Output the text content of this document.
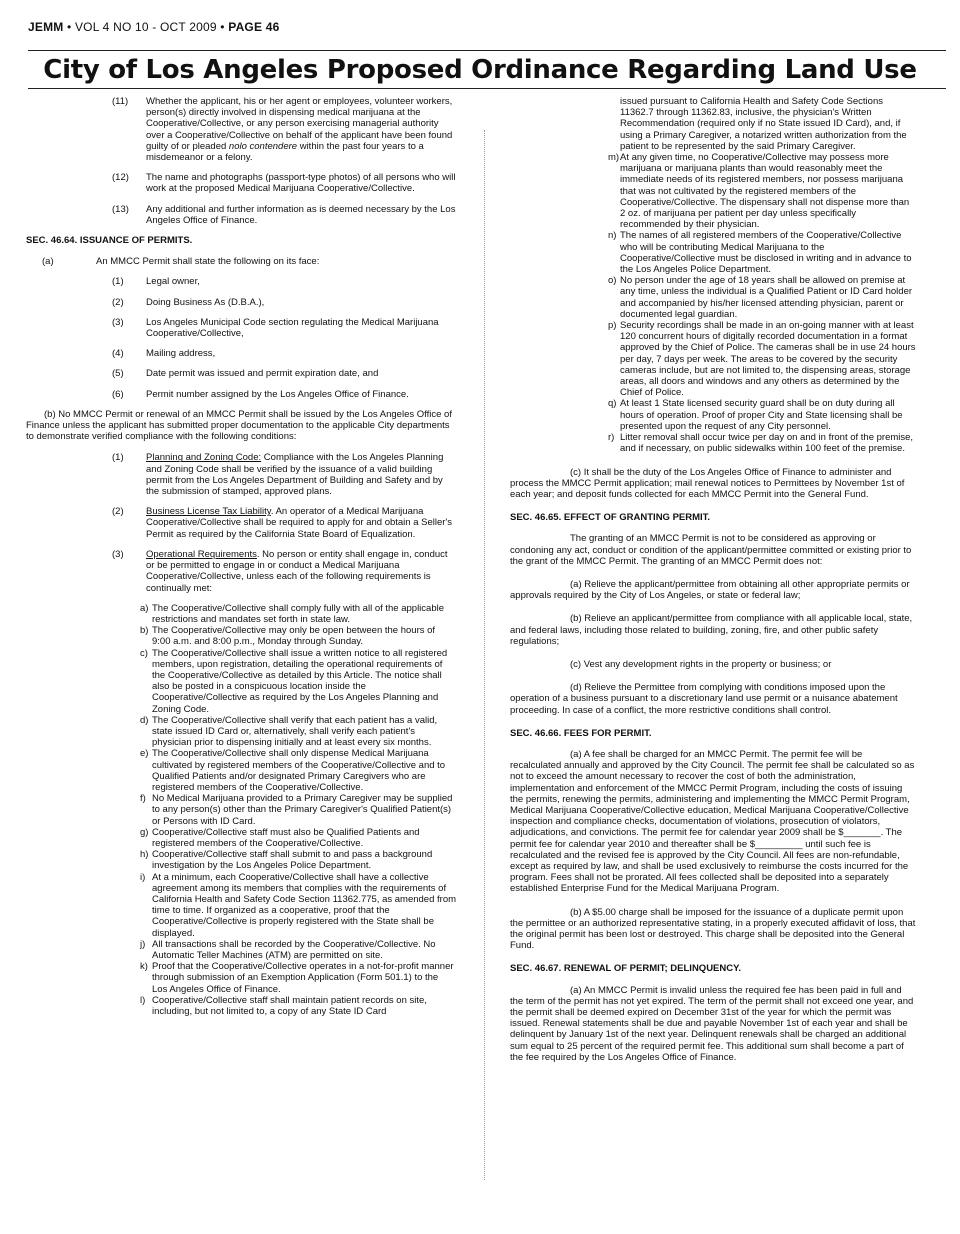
JEMM • VOL 4 NO 10 - OCT 2009 • PAGE 46
City of Los Angeles Proposed Ordinance Regarding Land Use
(11)	Whether the applicant, his or her agent or employees, volunteer workers, person(s) directly involved in dispensing medical marijuana at the Cooperative/Collective, or any person exercising managerial authority over a Cooperative/Collective on behalf of the applicant have been found guilty of or pleaded nolo contendere within the past four years to a misdemeanor or a felony.
(12)	The name and photographs (passport-type photos) of all persons who will work at the proposed Medical Marijuana Cooperative/Collective.
(13)	Any additional and further information as is deemed necessary by the Los Angeles Office of Finance.
SEC. 46.64. ISSUANCE OF PERMITS.
(a)	An MMCC Permit shall state the following on its face:
(1)	Legal owner,
(2)	Doing Business As (D.B.A.),
(3)	Los Angeles Municipal Code section regulating the Medical Marijuana Cooperative/Collective,
(4)	Mailing address,
(5)	Date permit was issued and permit expiration date, and
(6)	Permit number assigned by the Los Angeles Office of Finance.
(b) No MMCC Permit or renewal of an MMCC Permit shall be issued by the Los Angeles Office of Finance unless the applicant has submitted proper documentation to the applicable City departments to demonstrate verified compliance with the following conditions:
(1)	Planning and Zoning Code: Compliance with the Los Angeles Planning and Zoning Code shall be verified by the issuance of a valid building permit from the Los Angeles Department of Building and Safety and by the submission of stamped, approved plans.
(2)	Business License Tax Liability. An operator of a Medical Marijuana Cooperative/Collective shall be required to apply for and obtain a Seller's Permit as required by the California State Board of Equalization.
(3)	Operational Requirements. No person or entity shall engage in, conduct or be permitted to engage in or conduct a Medical Marijuana Cooperative/Collective, unless each of the following requirements is continually met:
a) The Cooperative/Collective shall comply fully with all of the applicable restrictions and mandates set forth in state law.
b) The Cooperative/Collective may only be open between the hours of 9:00 a.m. and 8:00 p.m., Monday through Sunday.
c) The Cooperative/Collective shall issue a written notice to all registered members, upon registration, detailing the operational requirements of the Cooperative/Collective as detailed by this Article. The notice shall also be posted in a conspicuous location inside the Cooperative/Collective as required by the Los Angeles Planning and Zoning Code.
d) The Cooperative/Collective shall verify that each patient has a valid, state issued ID Card or, alternatively, shall verify each patient's physician prior to dispensing initially and at least every six months.
e) The Cooperative/Collective shall only dispense Medical Marijuana cultivated by registered members of the Cooperative/Collective and to Qualified Patients and/or designated Primary Caregivers who are registered members of the Cooperative/Collective.
f) No Medical Marijuana provided to a Primary Caregiver may be supplied to any person(s) other than the Primary Caregiver's Qualified Patient(s) or Persons with ID Card.
g) Cooperative/Collective staff must also be Qualified Patients and registered members of the Cooperative/Collective.
h) Cooperative/Collective staff shall submit to and pass a background investigation by the Los Angeles Police Department.
i) At a minimum, each Cooperative/Collective shall have a collective agreement among its members that complies with the requirements of California Health and Safety Code Section 11362.775, as amended from time to time. If organized as a cooperative, proof that the Cooperative/Collective is properly registered with the State shall be displayed.
j) All transactions shall be recorded by the Cooperative/Collective. No Automatic Teller Machines (ATM) are permitted on site.
k) Proof that the Cooperative/Collective operates in a not-for-profit manner through submission of an Exemption Application (Form 501.1) to the Los Angeles Office of Finance.
l) Cooperative/Collective staff shall maintain patient records on site, including, but not limited to, a copy of any State ID Card
issued pursuant to California Health and Safety Code Sections 11362.7 through 11362.83, inclusive, the physician's Written Recommendation (required only if no State issued ID Card), and, if using a Primary Caregiver, a notarized written authorization from the patient to be represented by the said Primary Caregiver.
m) At any given time, no Cooperative/Collective may possess more marijuana or marijuana plants than would reasonably meet the immediate needs of its registered members, nor possess marijuana that was not cultivated by the registered members of the Cooperative/Collective. The dispensary shall not dispense more than 2 oz. of marijuana per patient per day unless specifically recommended by their physician.
n) The names of all registered members of the Cooperative/Collective who will be contributing Medical Marijuana to the Cooperative/Collective must be disclosed in writing and in advance to the Los Angeles Police Department.
o) No person under the age of 18 years shall be allowed on premise at any time, unless the individual is a Qualified Patient or ID Card holder and accompanied by his/her licensed attending physician, parent or documented legal guardian.
p) Security recordings shall be made in an on-going manner with at least 120 concurrent hours of digitally recorded documentation in a format approved by the Chief of Police. The cameras shall be in use 24 hours per day, 7 days per week. The areas to be covered by the security cameras include, but are not limited to, the dispensing areas, storage areas, all doors and windows and any others as determined by the Chief of Police.
q) At least 1 State licensed security guard shall be on duty during all hours of operation. Proof of proper City and State licensing shall be presented upon the request of any City personnel.
r) Litter removal shall occur twice per day on and in front of the premise, and if necessary, on public sidewalks within 100 feet of the premise.
(c) It shall be the duty of the Los Angeles Office of Finance to administer and process the MMCC Permit application; mail renewal notices to Permittees by November 1st of each year; and deposit funds collected for each MMCC Permit into the General Fund.
SEC. 46.65. EFFECT OF GRANTING PERMIT.
The granting of an MMCC Permit is not to be considered as approving or condoning any act, conduct or condition of the applicant/permittee committed or existing prior to the grant of the MMCC Permit. The granting of an MMCC Permit does not:
(a) Relieve the applicant/permittee from obtaining all other appropriate permits or approvals required by the City of Los Angeles, or state or federal law;
(b) Relieve an applicant/permittee from compliance with all applicable local, state, and federal laws, including those related to building, zoning, fire, and other public safety regulations;
(c) Vest any development rights in the property or business; or
(d) Relieve the Permittee from complying with conditions imposed upon the operation of a business pursuant to a discretionary land use permit or a nuisance abatement proceeding. In case of a conflict, the more restrictive conditions shall control.
SEC. 46.66. FEES FOR PERMIT.
(a) A fee shall be charged for an MMCC Permit. The permit fee will be recalculated annually and approved by the City Council. The permit fee shall be calculated so as not to exceed the amount necessary to recover the cost of both the administration, implementation and enforcement of the MMCC Permit Program, including the costs of issuing the permits, renewing the permits, administering and implementing the MMCC Permit Program, Medical Marijuana Cooperative/Collective education, Medical Marijuana Cooperative/Collective inspection and compliance checks, documentation of violations, prosecution of violators, adjudications, and convictions. The permit fee for calendar year 2009 shall be $_______. The permit fee for calendar year 2010 and thereafter shall be $_________ until such fee is recalculated and the revised fee is approved by the City Council. All fees are non-refundable, except as required by law, and shall be used exclusively to reimburse the costs incurred for the program. Fees shall not be prorated. All fees collected shall be deposited into a separately established Enterprise Fund for the Medical Marijuana Program.
(b) A $5.00 charge shall be imposed for the issuance of a duplicate permit upon the permittee or an authorized representative stating, in a properly executed affidavit of loss, that the original permit has been lost or destroyed. This charge shall be deposited into the General Fund.
SEC. 46.67. RENEWAL OF PERMIT; DELINQUENCY.
(a) An MMCC Permit is invalid unless the required fee has been paid in full and the term of the permit has not yet expired. The term of the permit shall not exceed one year, and the permit shall be deemed expired on December 31st of the year for which the permit was issued. Renewal statements shall be due and payable November 1st of each year and shall be delinquent by January 1st of the next year. Delinquent renewals shall be charged an additional sum equal to 25 percent of the required permit fee. This additional sum shall become a part of the fee required by the Los Angeles Office of Finance.
